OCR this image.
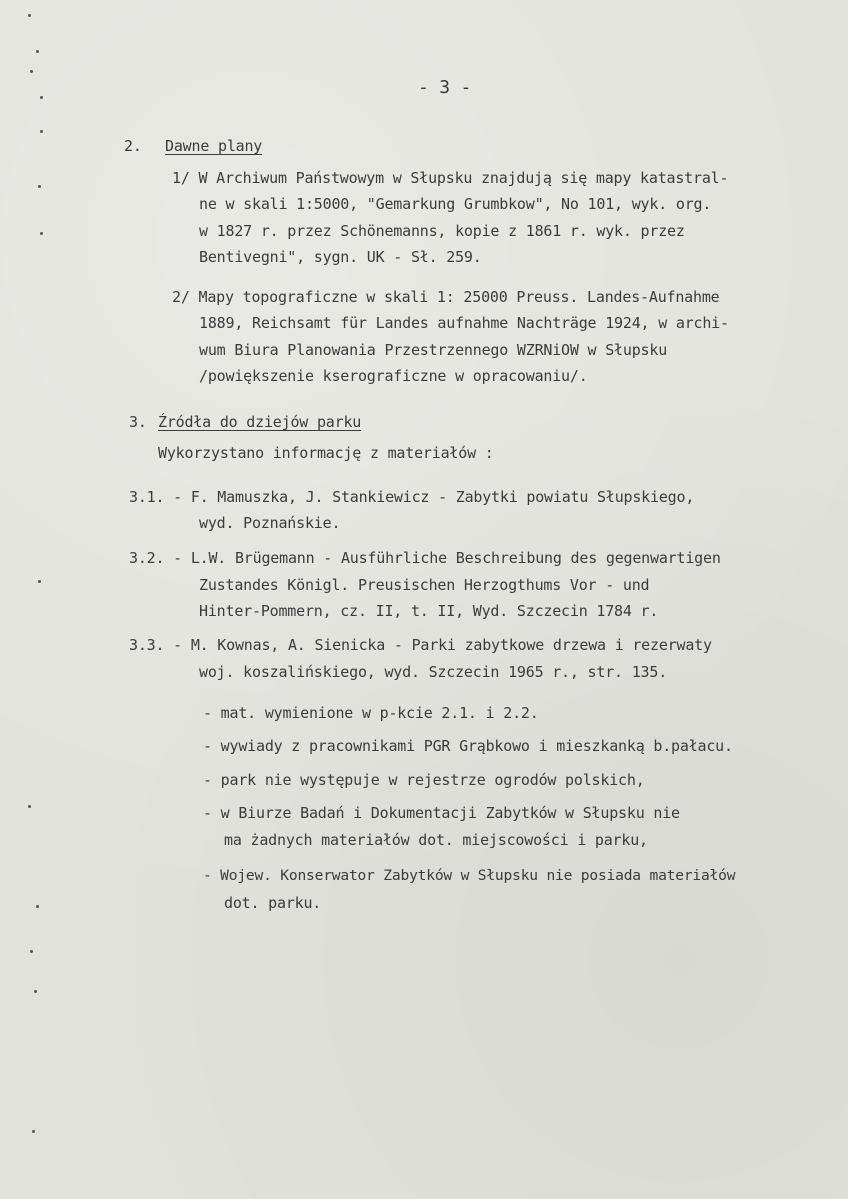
- 3 -
2. Dawne plany
1/ W Archiwum Państwowym w Słupsku znajdują się mapy katastral-
ne w skali 1:5000, "Gemarkung Grumbkow", No 101, wyk. org.
w 1827 r. przez Schönemanns, kopie z 1861 r. wyk. przez
Bentivegni", sygn. UK - Sł. 259.
2/ Mapy topograficzne w skali 1: 25000 Preuss. Landes-Aufnahme
1889, Reichsamt für Landes aufnahme Nachträge 1924, w archi-
wum Biura Planowania Przestrzennego WZRNiOW w Słupsku
/powiększenie kserograficzne w opracowaniu/.
3. Źródła do dziejów parku
Wykorzystano informację z materiałów :
3.1. - F. Mamuszka, J. Stankiewicz - Zabytki powiatu Słupskiego,
wyd. Poznańskie.
3.2. - L.W. Brügemann - Ausführliche Beschreibung des gegenwartigen
Zustandes Königl. Preusischen Herzogthums Vor - und
Hinter-Pommern, cz. II, t. II, Wyd. Szczecin 1784 r.
3.3. - M. Kownas, A. Sienicka - Parki zabytkowe drzewa i rezerwaty
woj. koszalińskiego, wyd. Szczecin 1965 r., str. 135.
- mat. wymienione w p-kcie 2.1. i 2.2.
- wywiady z pracownikami PGR Grąbkowo i mieszkanką b.pałacu.
- park nie występuje w rejestrze ogrodów polskich,
- w Biurze Badań i Dokumentacji Zabytków w Słupsku nie
ma żadnych materiałów dot. miejscowości i parku,
- Wojew. Konserwator Zabytków w Słupsku nie posiada materiałów
dot. parku.
